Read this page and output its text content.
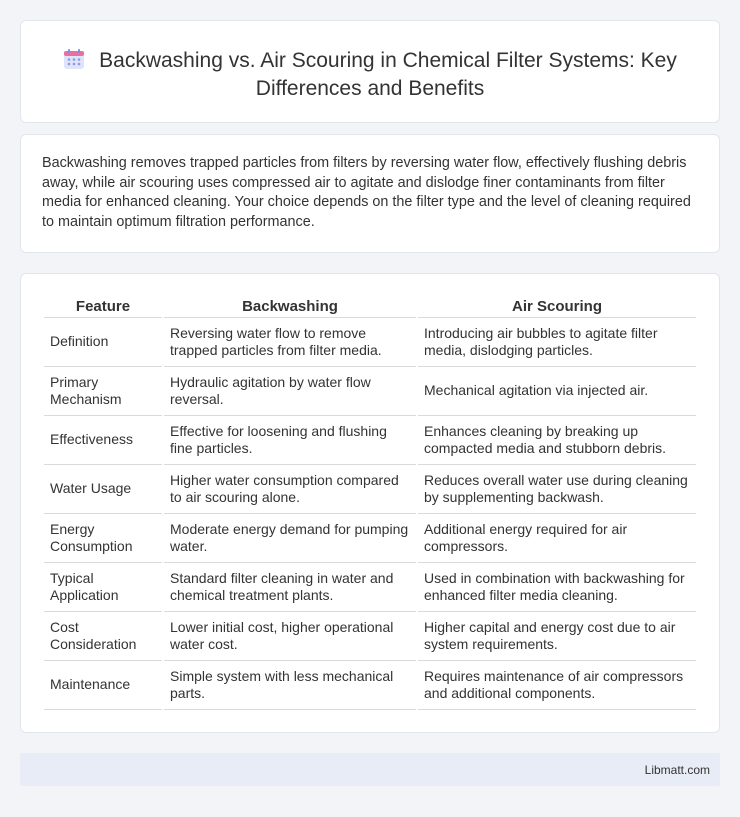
Backwashing vs. Air Scouring in Chemical Filter Systems: Key Differences and Benefits

Backwashing removes trapped particles from filters by reversing water flow, effectively flushing debris away, while air scouring uses compressed air to agitate and dislodge finer contaminants from filter media for enhanced cleaning. Your choice depends on the filter type and the level of cleaning required to maintain optimum filtration performance.

Feature	Backwashing	Air Scouring
Definition	Reversing water flow to remove trapped particles from filter media.	Introducing air bubbles to agitate filter media, dislodging particles.
Primary Mechanism	Hydraulic agitation by water flow reversal.	Mechanical agitation via injected air.
Effectiveness	Effective for loosening and flushing fine particles.	Enhances cleaning by breaking up compacted media and stubborn debris.
Water Usage	Higher water consumption compared to air scouring alone.	Reduces overall water use during cleaning by supplementing backwash.
Energy Consumption	Moderate energy demand for pumping water.	Additional energy required for air compressors.
Typical Application	Standard filter cleaning in water and chemical treatment plants.	Used in combination with backwashing for enhanced filter media cleaning.
Cost Consideration	Lower initial cost, higher operational water cost.	Higher capital and energy cost due to air system requirements.
Maintenance	Simple system with less mechanical parts.	Requires maintenance of air compressors and additional components.
Libmatt.com
